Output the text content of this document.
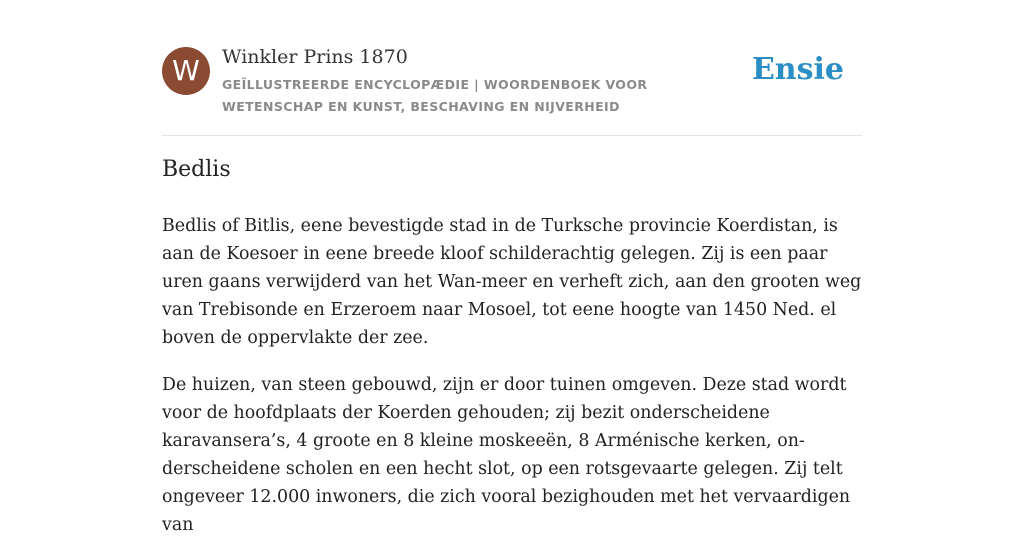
W	Winkler Prins 1870
GEÏLLUSTREERDE ENCYCLOPÆDIE | WOORDENBOEK VOOR WETENSCHAP EN KUNST, BESCHAVING EN NIJVERHEID
Ensie
Bedlis

Bedlis of Bitlis, eene bevestigde stad in de Turksche provincie Koerdistan, is aan de Koesoer in eene breede kloof schilderachtig gelegen. Zij is een paar uren gaans verwijderd van het Wan-meer en verheft zich, aan den grooten weg van Trebisonde en Erzeroem naar Mosoel, tot eene hoogte van 1450 Ned. el boven de oppervlakte der zee.

De huizen, van steen gebouwd, zijn er door tuinen omgeven. Deze stad wordt voor de hoofdplaats der Koerden gehouden; zij bezit onderscheidene karavansera’s, 4 groote en 8 kleine moskeeën, 8 Arménische kerken, on-derscheidene scholen en een hecht slot, op een rotsgevaarte gelegen. Zij telt ongeveer 12.000 inwoners, die zich vooral bezighouden met het vervaardigen van
